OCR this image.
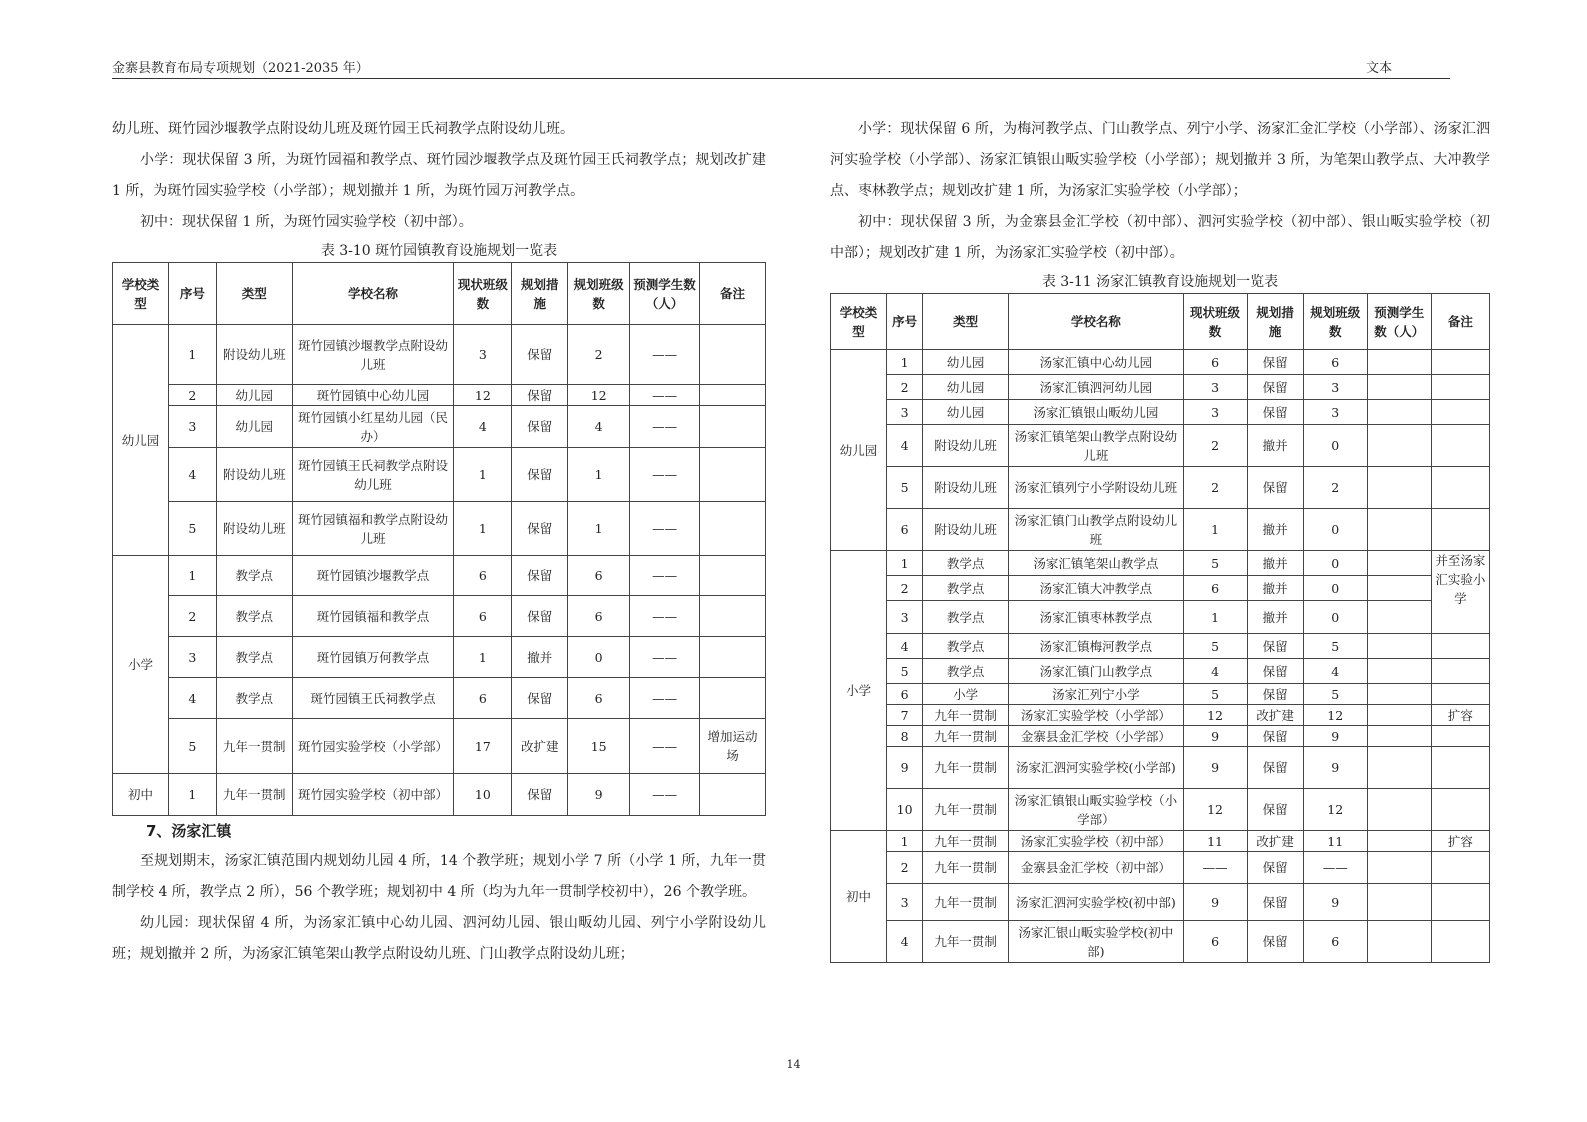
金寨县教育布局专项规划（2021-2035 年）	文本

幼儿班、斑竹园沙堰教学点附设幼儿班及斑竹园王氏祠教学点附设幼儿班。

小学：现状保留 3 所，为斑竹园福和教学点、斑竹园沙堰教学点及斑竹园王氏祠教学点；规划改扩建 1 所，为斑竹园实验学校（小学部）；规划撤并 1 所，为斑竹园万河教学点。

初中：现状保留 1 所，为斑竹园实验学校（初中部）。

表 3-10 斑竹园镇教育设施规划一览表
学校类型	序号	类型	学校名称	现状班级数	规划措施	规划班级数	预测学生数（人）	备注
幼儿园	1	附设幼儿班	斑竹园镇沙堰教学点附设幼儿班	3	保留	2	——	
	2	幼儿园	斑竹园镇中心幼儿园	12	保留	12	——	
	3	幼儿园	斑竹园镇小红星幼儿园（民办）	4	保留	4	——	
	4	附设幼儿班	斑竹园镇王氏祠教学点附设幼儿班	1	保留	1	——	
	5	附设幼儿班	斑竹园镇福和教学点附设幼儿班	1	保留	1	——	
小学	1	教学点	斑竹园镇沙堰教学点	6	保留	6	——	
	2	教学点	斑竹园镇福和教学点	6	保留	6	——	
	3	教学点	斑竹园镇万何教学点	1	撤并	0	——	
	4	教学点	斑竹园镇王氏祠教学点	6	保留	6	——	
	5	九年一贯制	斑竹园实验学校（小学部）	17	改扩建	15	——	增加运动场
初中	1	九年一贯制	斑竹园实验学校（初中部）	10	保留	9	——	
7、汤家汇镇

至规划期末，汤家汇镇范围内规划幼儿园 4 所，14 个教学班；规划小学 7 所（小学 1 所，九年一贯制学校 4 所，教学点 2 所），56 个教学班；规划初中 4 所（均为九年一贯制学校初中），26 个教学班。

幼儿园：现状保留 4 所，为汤家汇镇中心幼儿园、泗河幼儿园、银山畈幼儿园、列宁小学附设幼儿班；规划撤并 2 所，为汤家汇镇笔架山教学点附设幼儿班、门山教学点附设幼儿班；

小学：现状保留 6 所，为梅河教学点、门山教学点、列宁小学、汤家汇金汇学校（小学部）、汤家汇泗河实验学校（小学部）、汤家汇镇银山畈实验学校（小学部）；规划撤并 3 所，为笔架山教学点、大冲教学点、枣林教学点；规划改扩建 1 所，为汤家汇实验学校（小学部）；

初中：现状保留 3 所，为金寨县金汇学校（初中部）、泗河实验学校（初中部）、银山畈实验学校（初中部）；规划改扩建 1 所，为汤家汇实验学校（初中部）。

表 3-11 汤家汇镇教育设施规划一览表
学校类型	序号	类型	学校名称	现状班级数	规划措施	规划班级数	预测学生数（人）	备注
幼儿园	1	幼儿园	汤家汇镇中心幼儿园	6	保留	6		
	2	幼儿园	汤家汇镇泗河幼儿园	3	保留	3		
	3	幼儿园	汤家汇镇银山畈幼儿园	3	保留	3		
	4	附设幼儿班	汤家汇镇笔架山教学点附设幼儿班	2	撤并	0		
	5	附设幼儿班	汤家汇镇列宁小学附设幼儿班	2	保留	2		
	6	附设幼儿班	汤家汇镇门山教学点附设幼儿班	1	撤并	0		
小学	1	教学点	汤家汇镇笔架山教学点	5	撤并	0		并至汤家汇实验小学
	2	教学点	汤家汇镇大冲教学点	6	撤并	0		
	3	教学点	汤家汇镇枣林教学点	1	撤并	0		
	4	教学点	汤家汇镇梅河教学点	5	保留	5		
	5	教学点	汤家汇镇门山教学点	4	保留	4		
	6	小学	汤家汇列宁小学	5	保留	5		
	7	九年一贯制	汤家汇实验学校（小学部）	12	改扩建	12		扩容
	8	九年一贯制	金寨县金汇学校（小学部）	9	保留	9		
	9	九年一贯制	汤家汇泗河实验学校(小学部)	9	保留	9		
	10	九年一贯制	汤家汇镇银山畈实验学校（小学部）	12	保留	12		
初中	1	九年一贯制	汤家汇实验学校（初中部）	11	改扩建	11		扩容
	2	九年一贯制	金寨县金汇学校（初中部）	——	保留	——		
	3	九年一贯制	汤家汇泗河实验学校(初中部)	9	保留	9		
	4	九年一贯制	汤家汇银山畈实验学校(初中部)	6	保留	6		
14
